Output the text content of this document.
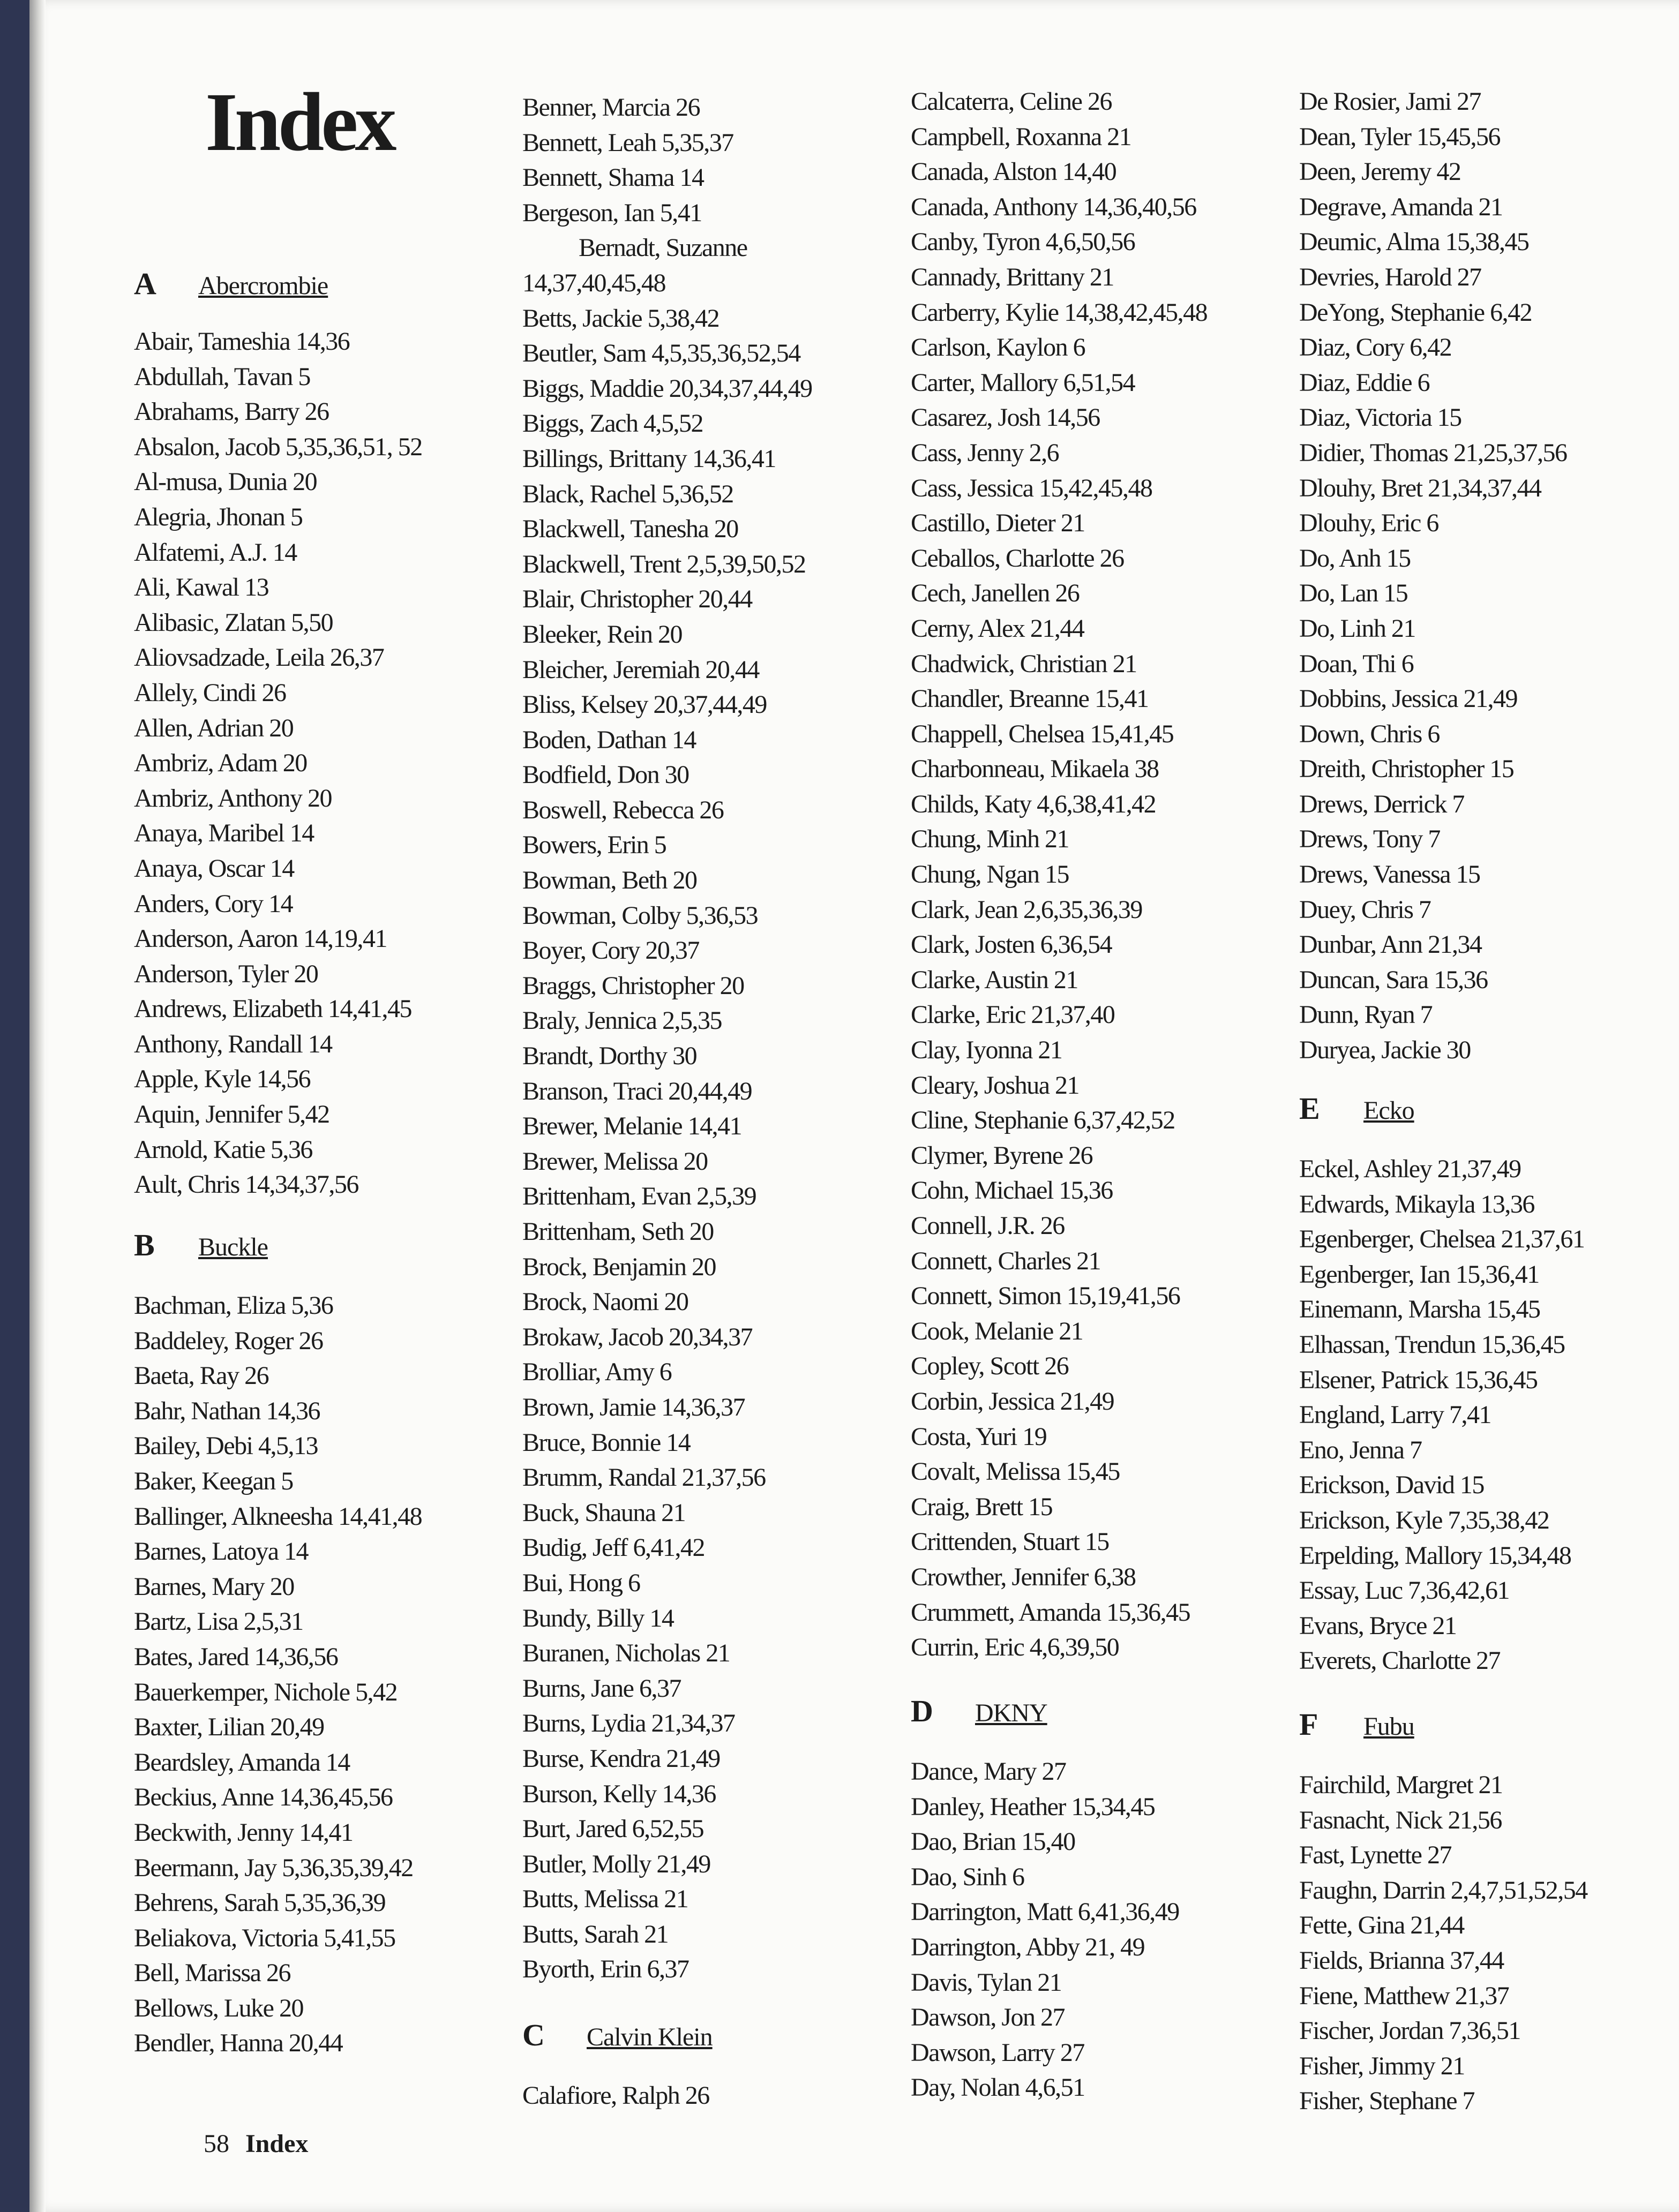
Index
A Abercrombie
Abair, Tameshia 14,36
Abdullah, Tavan 5
Abrahams, Barry 26
Absalon, Jacob 5,35,36,51, 52
Al-musa, Dunia 20
Alegria, Jhonan 5
Alfatemi, A.J. 14
Ali, Kawal 13
Alibasic, Zlatan 5,50
Aliovsadzade, Leila 26,37
Allely, Cindi 26
Allen, Adrian 20
Ambriz, Adam 20
Ambriz, Anthony 20
Anaya, Maribel 14
Anaya, Oscar 14
Anders, Cory 14
Anderson, Aaron 14,19,41
Anderson, Tyler 20
Andrews, Elizabeth 14,41,45
Anthony, Randall 14
Apple, Kyle 14,56
Aquin, Jennifer 5,42
Arnold, Katie 5,36
Ault, Chris 14,34,37,56
B Buckle
Bachman, Eliza 5,36
Baddeley, Roger 26
Baeta, Ray 26
Bahr, Nathan 14,36
Bailey, Debi 4,5,13
Baker, Keegan 5
Ballinger, Alkneesha 14,41,48
Barnes, Latoya 14
Barnes, Mary 20
Bartz, Lisa 2,5,31
Bates, Jared 14,36,56
Bauerkemper, Nichole 5,42
Baxter, Lilian 20,49
Beardsley, Amanda 14
Beckius, Anne 14,36,45,56
Beckwith, Jenny 14,41
Beermann, Jay 5,36,35,39,42
Behrens, Sarah 5,35,36,39
Beliakova, Victoria 5,41,55
Bell, Marissa 26
Bellows, Luke 20
Bendler, Hanna 20,44
Benner, Marcia 26
Bennett, Leah 5,35,37
Bennett, Shama 14
Bergeson, Ian 5,41
Bernadt, Suzanne
14,37,40,45,48
Betts, Jackie 5,38,42
Beutler, Sam 4,5,35,36,52,54
Biggs, Maddie 20,34,37,44,49
Biggs, Zach 4,5,52
Billings, Brittany 14,36,41
Black, Rachel 5,36,52
Blackwell, Tanesha 20
Blackwell, Trent 2,5,39,50,52
Blair, Christopher 20,44
Bleeker, Rein 20
Bleicher, Jeremiah 20,44
Bliss, Kelsey 20,37,44,49
Boden, Dathan 14
Bodfield, Don 30
Boswell, Rebecca 26
Bowers, Erin 5
Bowman, Beth 20
Bowman, Colby 5,36,53
Boyer, Cory 20,37
Braggs, Christopher 20
Braly, Jennica 2,5,35
Brandt, Dorthy 30
Branson, Traci 20,44,49
Brewer, Melanie 14,41
Brewer, Melissa 20
Brittenham, Evan 2,5,39
Brittenham, Seth 20
Brock, Benjamin 20
Brock, Naomi 20
Brokaw, Jacob 20,34,37
Brolliar, Amy 6
Brown, Jamie 14,36,37
Bruce, Bonnie 14
Brumm, Randal 21,37,56
Buck, Shauna 21
Budig, Jeff 6,41,42
Bui, Hong 6
Bundy, Billy 14
Buranen, Nicholas 21
Burns, Jane 6,37
Burns, Lydia 21,34,37
Burse, Kendra 21,49
Burson, Kelly 14,36
Burt, Jared 6,52,55
Butler, Molly 21,49
Butts, Melissa 21
Butts, Sarah 21
Byorth, Erin 6,37
C Calvin Klein
Calafiore, Ralph 26
Calcaterra, Celine 26
Campbell, Roxanna 21
Canada, Alston 14,40
Canada, Anthony 14,36,40,56
Canby, Tyron 4,6,50,56
Cannady, Brittany 21
Carberry, Kylie 14,38,42,45,48
Carlson, Kaylon 6
Carter, Mallory 6,51,54
Casarez, Josh 14,56
Cass, Jenny 2,6
Cass, Jessica 15,42,45,48
Castillo, Dieter 21
Ceballos, Charlotte 26
Cech, Janellen 26
Cerny, Alex 21,44
Chadwick, Christian 21
Chandler, Breanne 15,41
Chappell, Chelsea 15,41,45
Charbonneau, Mikaela 38
Childs, Katy 4,6,38,41,42
Chung, Minh 21
Chung, Ngan 15
Clark, Jean 2,6,35,36,39
Clark, Josten 6,36,54
Clarke, Austin 21
Clarke, Eric 21,37,40
Clay, Iyonna 21
Cleary, Joshua 21
Cline, Stephanie 6,37,42,52
Clymer, Byrene 26
Cohn, Michael 15,36
Connell, J.R. 26
Connett, Charles 21
Connett, Simon 15,19,41,56
Cook, Melanie 21
Copley, Scott 26
Corbin, Jessica 21,49
Costa, Yuri 19
Covalt, Melissa 15,45
Craig, Brett 15
Crittenden, Stuart 15
Crowther, Jennifer 6,38
Crummett, Amanda 15,36,45
Currin, Eric 4,6,39,50
D DKNY
Dance, Mary 27
Danley, Heather 15,34,45
Dao, Brian 15,40
Dao, Sinh 6
Darrington, Matt 6,41,36,49
Darrington, Abby 21, 49
Davis, Tylan 21
Dawson, Jon 27
Dawson, Larry 27
Day, Nolan 4,6,51
De Rosier, Jami 27
Dean, Tyler 15,45,56
Deen, Jeremy 42
Degrave, Amanda 21
Deumic, Alma 15,38,45
Devries, Harold 27
DeYong, Stephanie 6,42
Diaz, Cory 6,42
Diaz, Eddie 6
Diaz, Victoria 15
Didier, Thomas 21,25,37,56
Dlouhy, Bret 21,34,37,44
Dlouhy, Eric 6
Do, Anh 15
Do, Lan 15
Do, Linh 21
Doan, Thi 6
Dobbins, Jessica 21,49
Down, Chris 6
Dreith, Christopher 15
Drews, Derrick 7
Drews, Tony 7
Drews, Vanessa 15
Duey, Chris 7
Dunbar, Ann 21,34
Duncan, Sara 15,36
Dunn, Ryan 7
Duryea, Jackie 30
E Ecko
Eckel, Ashley 21,37,49
Edwards, Mikayla 13,36
Egenberger, Chelsea 21,37,61
Egenberger, Ian 15,36,41
Einemann, Marsha 15,45
Elhassan, Trendun 15,36,45
Elsener, Patrick 15,36,45
England, Larry 7,41
Eno, Jenna 7
Erickson, David 15
Erickson, Kyle 7,35,38,42
Erpelding, Mallory 15,34,48
Essay, Luc 7,36,42,61
Evans, Bryce 21
Everets, Charlotte 27
F Fubu
Fairchild, Margret 21
Fasnacht, Nick 21,56
Fast, Lynette 27
Faughn, Darrin 2,4,7,51,52,54
Fette, Gina 21,44
Fields, Brianna 37,44
Fiene, Matthew 21,37
Fischer, Jordan 7,36,51
Fisher, Jimmy 21
Fisher, Stephane 7
58 Index
